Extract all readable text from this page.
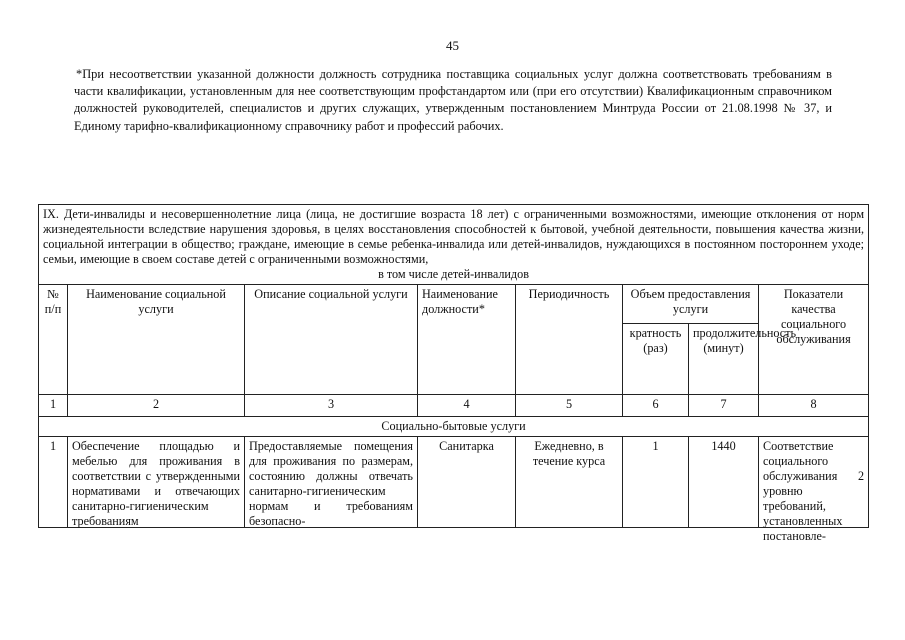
45
*При несоответствии указанной должности должность сотрудника поставщика социальных услуг должна соответствовать требованиям в части квалификации, установленным для нее соответствующим профстандартом или (при его отсутствии) Квалификационным справочником должностей руководителей, специалистов и других служащих, утвержденным постановлением Минтруда России от 21.08.1998 № 37, и Единому тарифно-квалификационному справочнику работ и профессий рабочих.
IX. Дети-инвалиды и несовершеннолетние лица (лица, не достигшие возраста 18 лет) с ограниченными возможностями, имеющие отклонения от норм жизнедеятельности вследствие нарушения здоровья, в целях восстановления способностей к бытовой, учебной деятельности, повышения качества жизни, социальной интеграции в общество; граждане, имеющие в семье ребенка-инвалида или детей-инвалидов, нуждающихся в постоянном постороннем уходе; семьи, имеющие в своем составе детей с ограниченными возможностями,
в том числе детей-инвалидов							

№ п/п	Наименование социальной услуги	Описание социальной услуги	Наименование должности*	Периодичность	Объем предоставления услуги		Показатели качества социального обслуживания
					кратность (раз)	продолжительность (минут)	
1	2	3	4	5	6	7	8
Социально-бытовые услуги							
1	Обеспечение площадью и мебелью для проживания в соответствии с утвержденными нормативами и отвечающих санитарно-гигиеническим требованиям	Предоставляемые помещения для проживания по размерам, состоянию должны отвечать санитарно-гигиеническим нормам и требованиям безопасно-	Санитарка	Ежедневно, в течение курса	1	1440	Соответствие социального обслуживания 2 уровню требований, установленных постановле-
